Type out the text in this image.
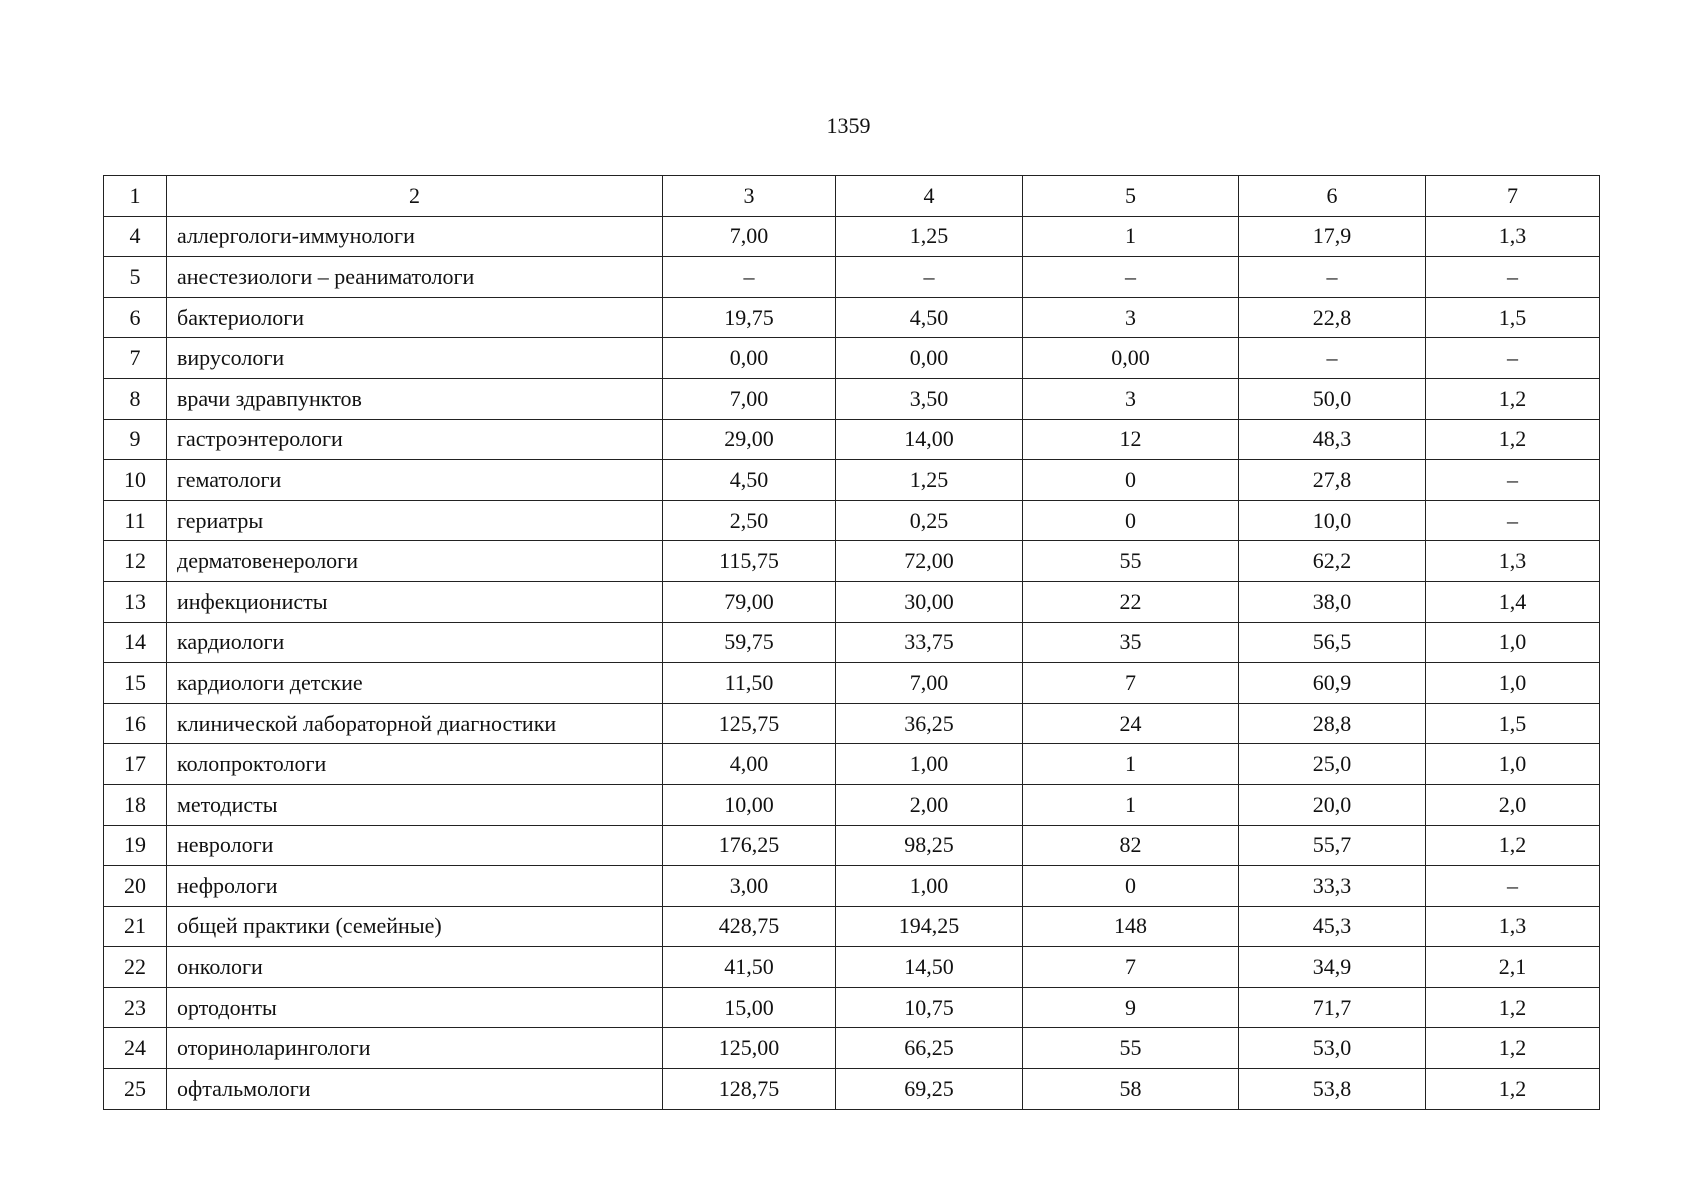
1359
1	2	3	4	5	6	7
4	аллергологи-иммунологи	7,00	1,25	1	17,9	1,3
5	анестезиологи – реаниматологи	–	–	–	–	–
6	бактериологи	19,75	4,50	3	22,8	1,5
7	вирусологи	0,00	0,00	0,00	–	–
8	врачи здравпунктов	7,00	3,50	3	50,0	1,2
9	гастроэнтерологи	29,00	14,00	12	48,3	1,2
10	гематологи	4,50	1,25	0	27,8	–
11	гериатры	2,50	0,25	0	10,0	–
12	дерматовенерологи	115,75	72,00	55	62,2	1,3
13	инфекционисты	79,00	30,00	22	38,0	1,4
14	кардиологи	59,75	33,75	35	56,5	1,0
15	кардиологи детские	11,50	7,00	7	60,9	1,0
16	клинической лабораторной диагностики	125,75	36,25	24	28,8	1,5
17	колопроктологи	4,00	1,00	1	25,0	1,0
18	методисты	10,00	2,00	1	20,0	2,0
19	неврологи	176,25	98,25	82	55,7	1,2
20	нефрологи	3,00	1,00	0	33,3	–
21	общей практики (семейные)	428,75	194,25	148	45,3	1,3
22	онкологи	41,50	14,50	7	34,9	2,1
23	ортодонты	15,00	10,75	9	71,7	1,2
24	оториноларингологи	125,00	66,25	55	53,0	1,2
25	офтальмологи	128,75	69,25	58	53,8	1,2
